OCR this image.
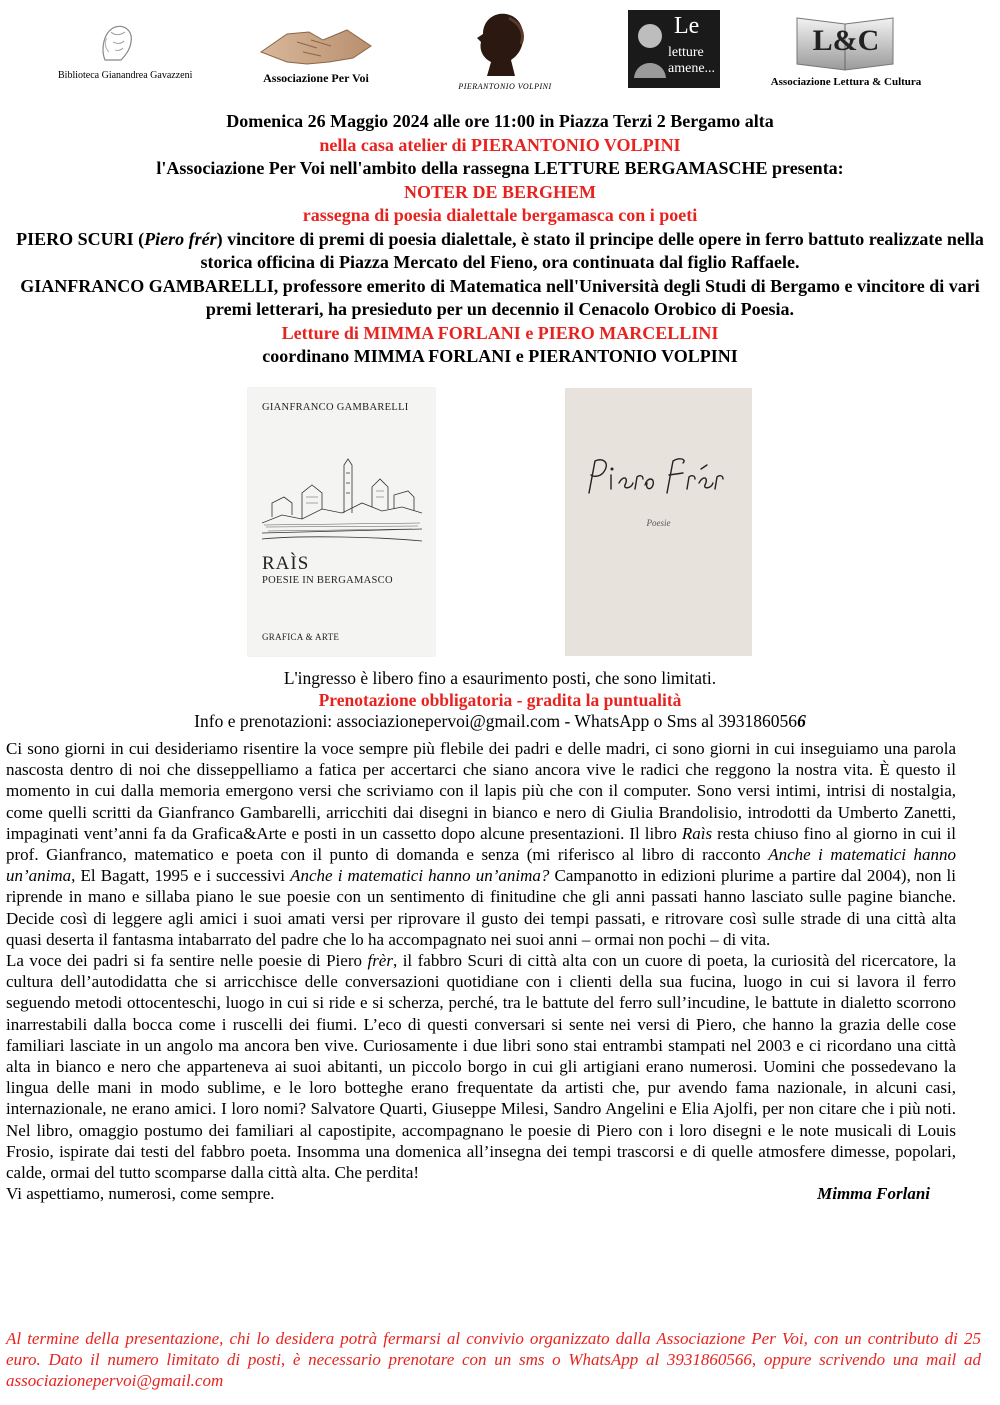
Biblioteca Gianandrea Gavazzeni	Associazione Per Voi
PIERANTONIO VOLPINI
Le
letture
amene...
L&C
Associazione Lettura & Cultura
Domenica 26 Maggio 2024 alle ore 11:00 in Piazza Terzi 2 Bergamo alta
nella casa atelier di PIERANTONIO VOLPINI
l'Associazione Per Voi nell'ambito della rassegna LETTURE BERGAMASCHE presenta:
NOTER DE BERGHEM
rassegna di poesia dialettale bergamasca con i poeti
PIERO SCURI (Piero frér) vincitore di premi di poesia dialettale, è stato il principe delle opere in ferro battuto realizzate nella storica officina di Piazza Mercato del Fieno, ora continuata dal figlio Raffaele.
GIANFRANCO GAMBARELLI, professore emerito di Matematica nell'Università degli Studi di Bergamo e vincitore di vari premi letterari, ha presieduto per un decennio il Cenacolo Orobico di Poesia.
Letture di MIMMA FORLANI e PIERO MARCELLINI
coordinano MIMMA FORLANI e PIERANTONIO VOLPINI
GIANFRANCO GAMBARELLI
RAÌS
POESIE IN BERGAMASCO
GRAFICA & ARTE
Poesie
L'ingresso è libero fino a esaurimento posti, che sono limitati.
Prenotazione obbligatoria - gradita la puntualità
Info e prenotazioni: associazionepervoi@gmail.com - WhatsApp o Sms al 3931860566

Ci sono giorni in cui desideriamo risentire la voce sempre più flebile dei padri e delle madri, ci sono giorni in cui inseguiamo una parola nascosta dentro di noi che disseppelliamo a fatica per accertarci che siano ancora vive le radici che reggono la nostra vita. È questo il momento in cui dalla memoria emergono versi che scriviamo con il lapis più che con il computer. Sono versi intimi, intrisi di nostalgia, come quelli scritti da Gianfranco Gambarelli, arricchiti dai disegni in bianco e nero di Giulia Brandolisio, introdotti da Umberto Zanetti, impaginati vent’anni fa da Grafica&Arte e posti in un cassetto dopo alcune presentazioni. Il libro Raìs resta chiuso fino al giorno in cui il prof. Gianfranco, matematico e poeta con il punto di domanda e senza (mi riferisco al libro di racconto Anche i matematici hanno un’anima, El Bagatt, 1995 e i successivi Anche i matematici hanno un’anima? Campanotto in edizioni plurime a partire dal 2004), non li riprende in mano e sillaba piano le sue poesie con un sentimento di finitudine che gli anni passati hanno lasciato sulle pagine bianche. Decide così di leggere agli amici i suoi amati versi per riprovare il gusto dei tempi passati, e ritrovare così sulle strade di una città alta quasi deserta il fantasma intabarrato del padre che lo ha accompagnato nei suoi anni – ormai non pochi – di vita.

La voce dei padri si fa sentire nelle poesie di Piero frèr, il fabbro Scuri di città alta con un cuore di poeta, la curiosità del ricercatore, la cultura dell’autodidatta che si arricchisce delle conversazioni quotidiane con i clienti della sua fucina, luogo in cui si lavora il ferro seguendo metodi ottocenteschi, luogo in cui si ride e si scherza, perché, tra le battute del ferro sull’incudine, le battute in dialetto scorrono inarrestabili dalla bocca come i ruscelli dei fiumi. L’eco di questi conversari si sente nei versi di Piero, che hanno la grazia delle cose familiari lasciate in un angolo ma ancora ben vive. Curiosamente i due libri sono stai entrambi stampati nel 2003 e ci ricordano una città alta in bianco e nero che apparteneva ai suoi abitanti, un piccolo borgo in cui gli artigiani erano numerosi. Uomini che possedevano la lingua delle mani in modo sublime, e le loro botteghe erano frequentate da artisti che, pur avendo fama nazionale, in alcuni casi, internazionale, ne erano amici. I loro nomi? Salvatore Quarti, Giuseppe Milesi, Sandro Angelini e Elia Ajolfi, per non citare che i più noti. Nel libro, omaggio postumo dei familiari al capostipite, accompagnano le poesie di Piero con i loro disegni e le note musicali di Louis Frosio, ispirate dai testi del fabbro poeta. Insomma una domenica all’insegna dei tempi trascorsi e di quelle atmosfere dimesse, popolari, calde, ormai del tutto scomparse dalla città alta. Che perdita!

Vi aspettiamo, numerosi, come sempre.	Mimma Forlani
Al termine della presentazione, chi lo desidera potrà fermarsi al convivio organizzato dalla Associazione Per Voi, con un contributo di 25 euro. Dato il numero limitato di posti, è necessario prenotare con un sms o WhatsApp al 3931860566, oppure scrivendo una mail ad associazionepervoi@gmail.com
